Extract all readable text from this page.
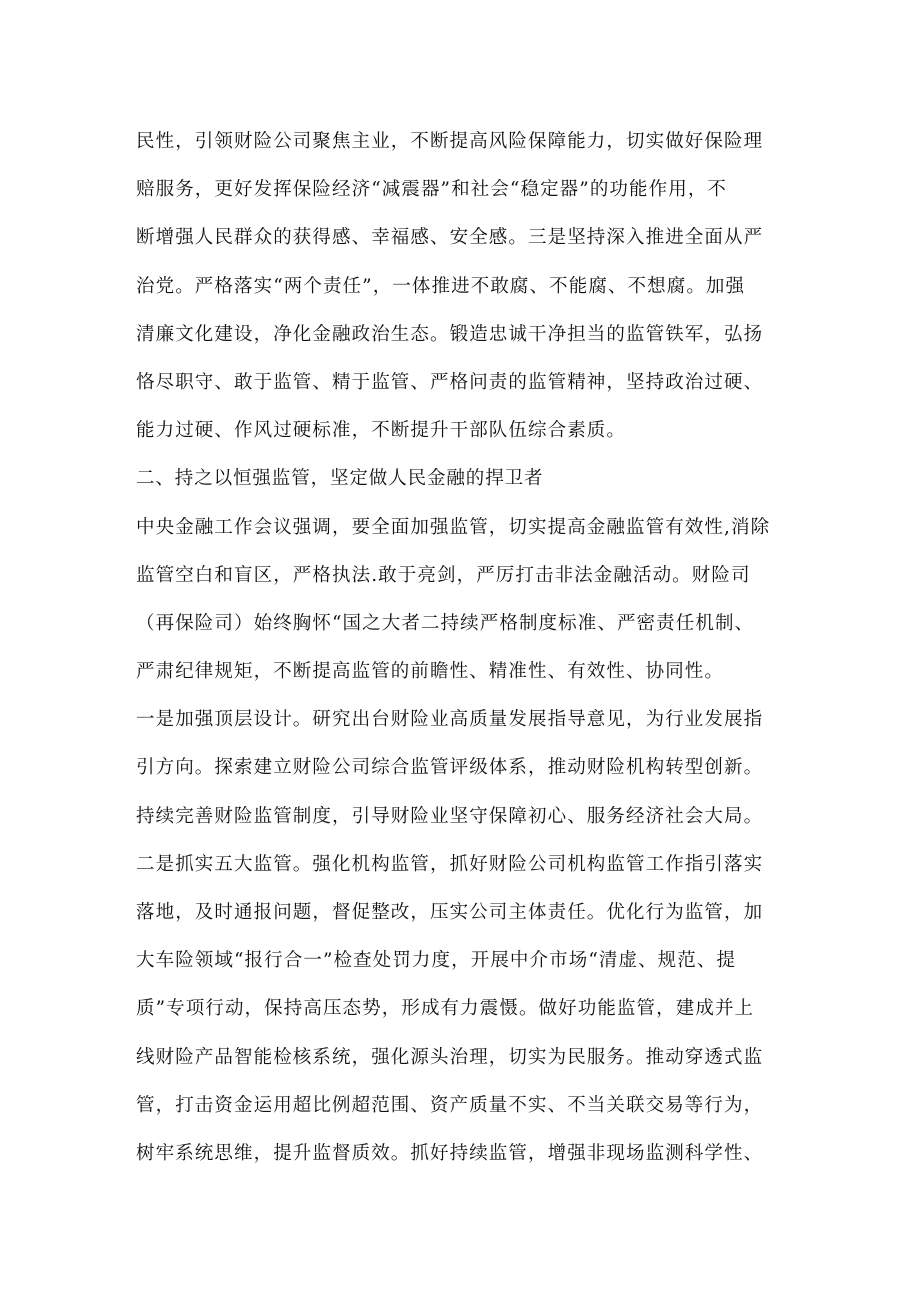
民性，引领财险公司聚焦主业，不断提高风险保障能力，切实做好保险理
赔服务，更好发挥保险经济“减震器”和社会“稳定器”的功能作用，不
断增强人民群众的获得感、幸福感、安全感。三是坚持深入推进全面从严
治党。严格落实“两个责任”，一体推进不敢腐、不能腐、不想腐。加强
清廉文化建设，净化金融政治生态。锻造忠诚干净担当的监管铁军，弘扬
恪尽职守、敢于监管、精于监管、严格问责的监管精神，坚持政治过硬、
能力过硬、作风过硬标准，不断提升干部队伍综合素质。
二、持之以恒强监管，坚定做人民金融的捍卫者
中央金融工作会议强调，要全面加强监管，切实提高金融监管有效性,消除
监管空白和盲区，严格执法.敢于亮剑，严厉打击非法金融活动。财险司
（再保险司）始终胸怀“国之大者二持续严格制度标准、严密责任机制、
严肃纪律规矩，不断提高监管的前瞻性、精准性、有效性、协同性。
一是加强顶层设计。研究出台财险业高质量发展指导意见，为行业发展指
引方向。探索建立财险公司综合监管评级体系，推动财险机构转型创新。
持续完善财险监管制度，引导财险业坚守保障初心、服务经济社会大局。
二是抓实五大监管。强化机构监管，抓好财险公司机构监管工作指引落实
落地，及时通报问题，督促整改，压实公司主体责任。优化行为监管，加
大车险领域“报行合一”检查处罚力度，开展中介市场“清虚、规范、提
质”专项行动，保持高压态势，形成有力震慑。做好功能监管，建成并上
线财险产品智能检核系统，强化源头治理，切实为民服务。推动穿透式监
管，打击资金运用超比例超范围、资产质量不实、不当关联交易等行为，
树牢系统思维，提升监督质效。抓好持续监管，增强非现场监测科学性、
